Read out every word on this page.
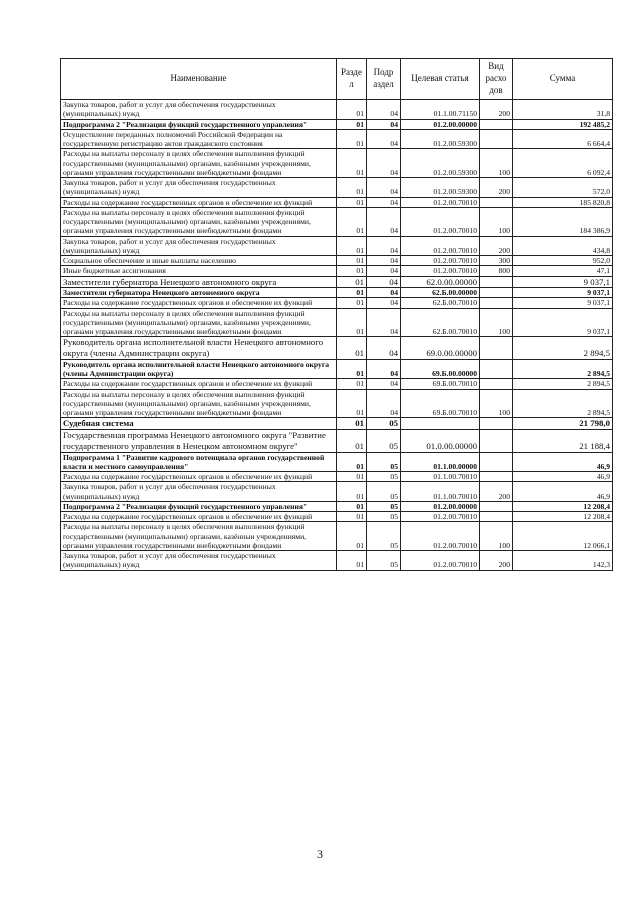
Наименование	Разде л	Подр аздел	Целевая статья	Вид расхо дов	Сумма
Закупка товаров, работ и услуг для обеспечения государственных (муниципальных) нужд	01	04	01.1.00.71150	200	31,8
Подпрограмма 2 "Реализация функций государственного управления"	01	04	01.2.00.00000		192 485,2
Осуществление переданных полномочий Российской Федерации на государственную регистрацию актов гражданского состояния	01	04	01.2.00.59300		6 664,4
Расходы на выплаты персоналу в целях обеспечения выполнения функций государственными (муниципальными) органами, казёнными учреждениями, органами управления государственными внебюджетными фондами	01	04	01.2.00.59300	100	6 092,4
Закупка товаров, работ и услуг для обеспечения государственных (муниципальных) нужд	01	04	01.2.00.59300	200	572,0
Расходы на содержание государственных органов и обеспечение их функций	01	04	01.2.00.70010		185 820,8
Расходы на выплаты персоналу в целях обеспечения выполнения функций государственными (муниципальными) органами, казёнными учреждениями, органами управления государственными внебюджетными фондами	01	04	01.2.00.70010	100	184 386,9
Закупка товаров, работ и услуг для обеспечения государственных (муниципальных) нужд	01	04	01.2.00.70010	200	434,8
Социальное обеспечение и иные выплаты населению	01	04	01.2.00.70010	300	952,0
Иные бюджетные ассигнования	01	04	01.2.00.70010	800	47,1
Заместители губернатора Ненецкого автономного округа	01	04	62.0.00.00000		9 037,1
Заместители губернатора Ненецкого автономного округа	01	04	62.Б.00.00000		9 037,1
Расходы на содержание государственных органов и обеспечение их функций	01	04	62.Б.00.70010		9 037,1
Расходы на выплаты персоналу в целях обеспечения выполнения функций государственными (муниципальными) органами, казёнными учреждениями, органами управления государственными внебюджетными фондами	01	04	62.Б.00.70010	100	9 037,1
Руководитель органа исполнительной власти Ненецкого автономного округа (члены Администрации округа)	01	04	69.0.00.00000		2 894,5
Руководитель органа исполнительной власти Ненецкого автономного округа (члены Администрации округа)	01	04	69.Б.00.00000		2 894,5
Расходы на содержание государственных органов и обеспечение их функций	01	04	69.Б.00.70010		2 894,5
Расходы на выплаты персоналу в целях обеспечения выполнения функций государственными (муниципальными) органами, казёнными учреждениями, органами управления государственными внебюджетными фондами	01	04	69.Б.00.70010	100	2 894,5
Судебная система	01	05			21 798,0
Государственная программа Ненецкого автономного округа "Развитие государственного управления в Ненецком автономном округе"	01	05	01.0.00.00000		21 188,4
Подпрограмма 1 "Развитие кадрового потенциала органов государственной власти и местного самоуправления"	01	05	01.1.00.00000		46,9
Расходы на содержание государственных органов и обеспечение их функций	01	05	01.1.00.70010		46,9
Закупка товаров, работ и услуг для обеспечения государственных (муниципальных) нужд	01	05	01.1.00.70010	200	46,9
Подпрограмма 2 "Реализация функций государственного управления"	01	05	01.2.00.00000		12 208,4
Расходы на содержание государственных органов и обеспечение их функций	01	05	01.2.00.70010		12 208,4
Расходы на выплаты персоналу в целях обеспечения выполнения функций государственными (муниципальными) органами, казённыи учреждениями, органами управления государственными внебюджетными фондами	01	05	01.2.00.70010	100	12 066,1
Закупка товаров, работ и услуг для обеспечения государственных (муниципальных) нужд	01	05	01.2.00.70010	200	142,3
3
